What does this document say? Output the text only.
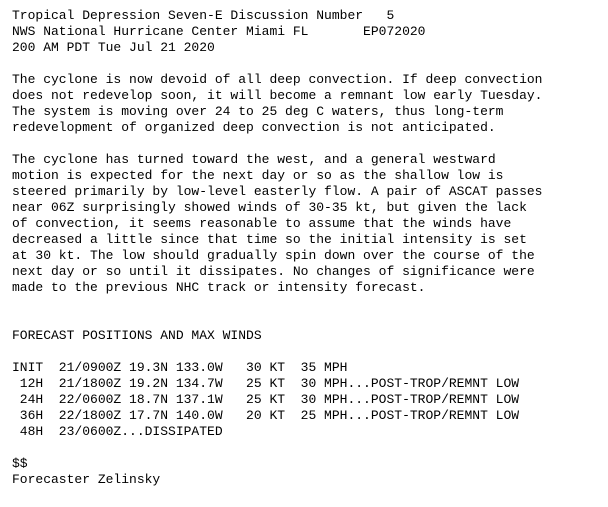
Tropical Depression Seven-E Discussion Number   5
NWS National Hurricane Center Miami FL       EP072020
200 AM PDT Tue Jul 21 2020
The cyclone is now devoid of all deep convection. If deep convection
does not redevelop soon, it will become a remnant low early Tuesday.
The system is moving over 24 to 25 deg C waters, thus long-term
redevelopment of organized deep convection is not anticipated.
The cyclone has turned toward the west, and a general westward
motion is expected for the next day or so as the shallow low is
steered primarily by low-level easterly flow. A pair of ASCAT passes
near 06Z surprisingly showed winds of 30-35 kt, but given the lack
of convection, it seems reasonable to assume that the winds have
decreased a little since that time so the initial intensity is set
at 30 kt. The low should gradually spin down over the course of the
next day or so until it dissipates. No changes of significance were
made to the previous NHC track or intensity forecast.
FORECAST POSITIONS AND MAX WINDS
INIT  21/0900Z 19.3N 133.0W   30 KT  35 MPH
12H  21/1800Z 19.2N 134.7W   25 KT  30 MPH...POST-TROP/REMNT LOW
24H  22/0600Z 18.7N 137.1W   25 KT  30 MPH...POST-TROP/REMNT LOW
36H  22/1800Z 17.7N 140.0W   20 KT  25 MPH...POST-TROP/REMNT LOW
48H  23/0600Z...DISSIPATED
$$
Forecaster Zelinsky
